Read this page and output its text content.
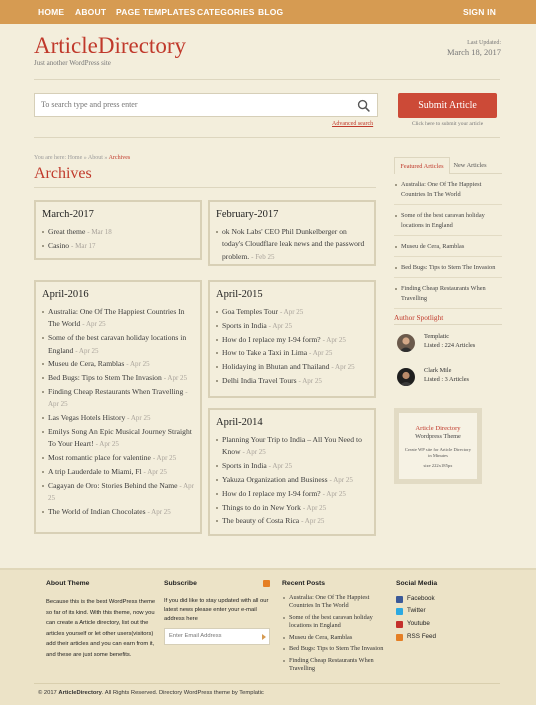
HOME ABOUT PAGE TEMPLATES CATEGORIES BLOG	SIGN IN
ArticleDirectory
Just another WordPress site
Last Updated:
March 18, 2017
To search type and press enter
Advanced search
Submit Article
Click here to submit your article
You are here: Home » About » Archives
Archives
March-2017
Great theme - Mar 18
Casino - Mar 17
February-2017
ok Nok Labs' CEO Phil Dunkelberger on today's Cloudflare leak news and the password problem. - Feb 25
April-2016
Australia: One Of The Happiest Countries In The World - Apr 25
Some of the best caravan holiday locations in England - Apr 25
Museu de Cera, Ramblas - Apr 25
Bed Bugs: Tips to Stem The Invasion - Apr 25
Finding Cheap Restaurants When Travelling - Apr 25
Las Vegas Hotels History - Apr 25
Emilys Song An Epic Musical Journey Straight To Your Heart! - Apr 25
Most romantic place for valentine - Apr 25
A trip Lauderdale to Miami, Fl - Apr 25
Cagayan de Oro: Stories Behind the Name - Apr 25
The World of Indian Chocolates - Apr 25
April-2015
Goa Temples Tour - Apr 25
Sports in India - Apr 25
How do I replace my I-94 form? - Apr 25
How to Take a Taxi in Lima - Apr 25
Holidaying in Bhutan and Thailand - Apr 25
Delhi India Travel Tours - Apr 25
April-2014
Planning Your Trip to India – All You Need to Know - Apr 25
Sports in India - Apr 25
Yakuza Organization and Business - Apr 25
How do I replace my I-94 form? - Apr 25
Things to do in New York - Apr 25
The beauty of Costa Rica - Apr 25
Featured Articles	New Articles
Australia: One Of The Happiest Countries In The World
Some of the best caravan holiday locations in England
Museu de Cera, Ramblas
Bed Bugs: Tips to Stem The Invasion
Finding Cheap Restaurants When Travelling
Author Spotlight
Templatic
Listed : 224 Articles
Clark Mile
Listed : 3 Articles
Article Directory
Wordpress Theme
Create WP site for Article Directory in Minutes
size 222x185px
About Theme
Because this is the best WordPress theme so far of its kind. With this theme, now you can create a Article directory, list out the articles yourself or let other users(visitors) add their articles and you can earn from it, and these are just some benefits.
Subscribe
If you did like to stay updated with all our latest news please enter your e-mail address here
Enter Email Address
Recent Posts
Australia: One Of The Happiest Countries In The World
Some of the best caravan holiday locations in England
Museu de Cera, Ramblas
Bed Bugs: Tips to Stem The Invasion
Finding Cheap Restaurants When Travelling
Social Media
Facebook
Twitter
Youtube
RSS Feed
© 2017 ArticleDirectory. All Rights Reserved. Directory WordPress theme by Templatic
